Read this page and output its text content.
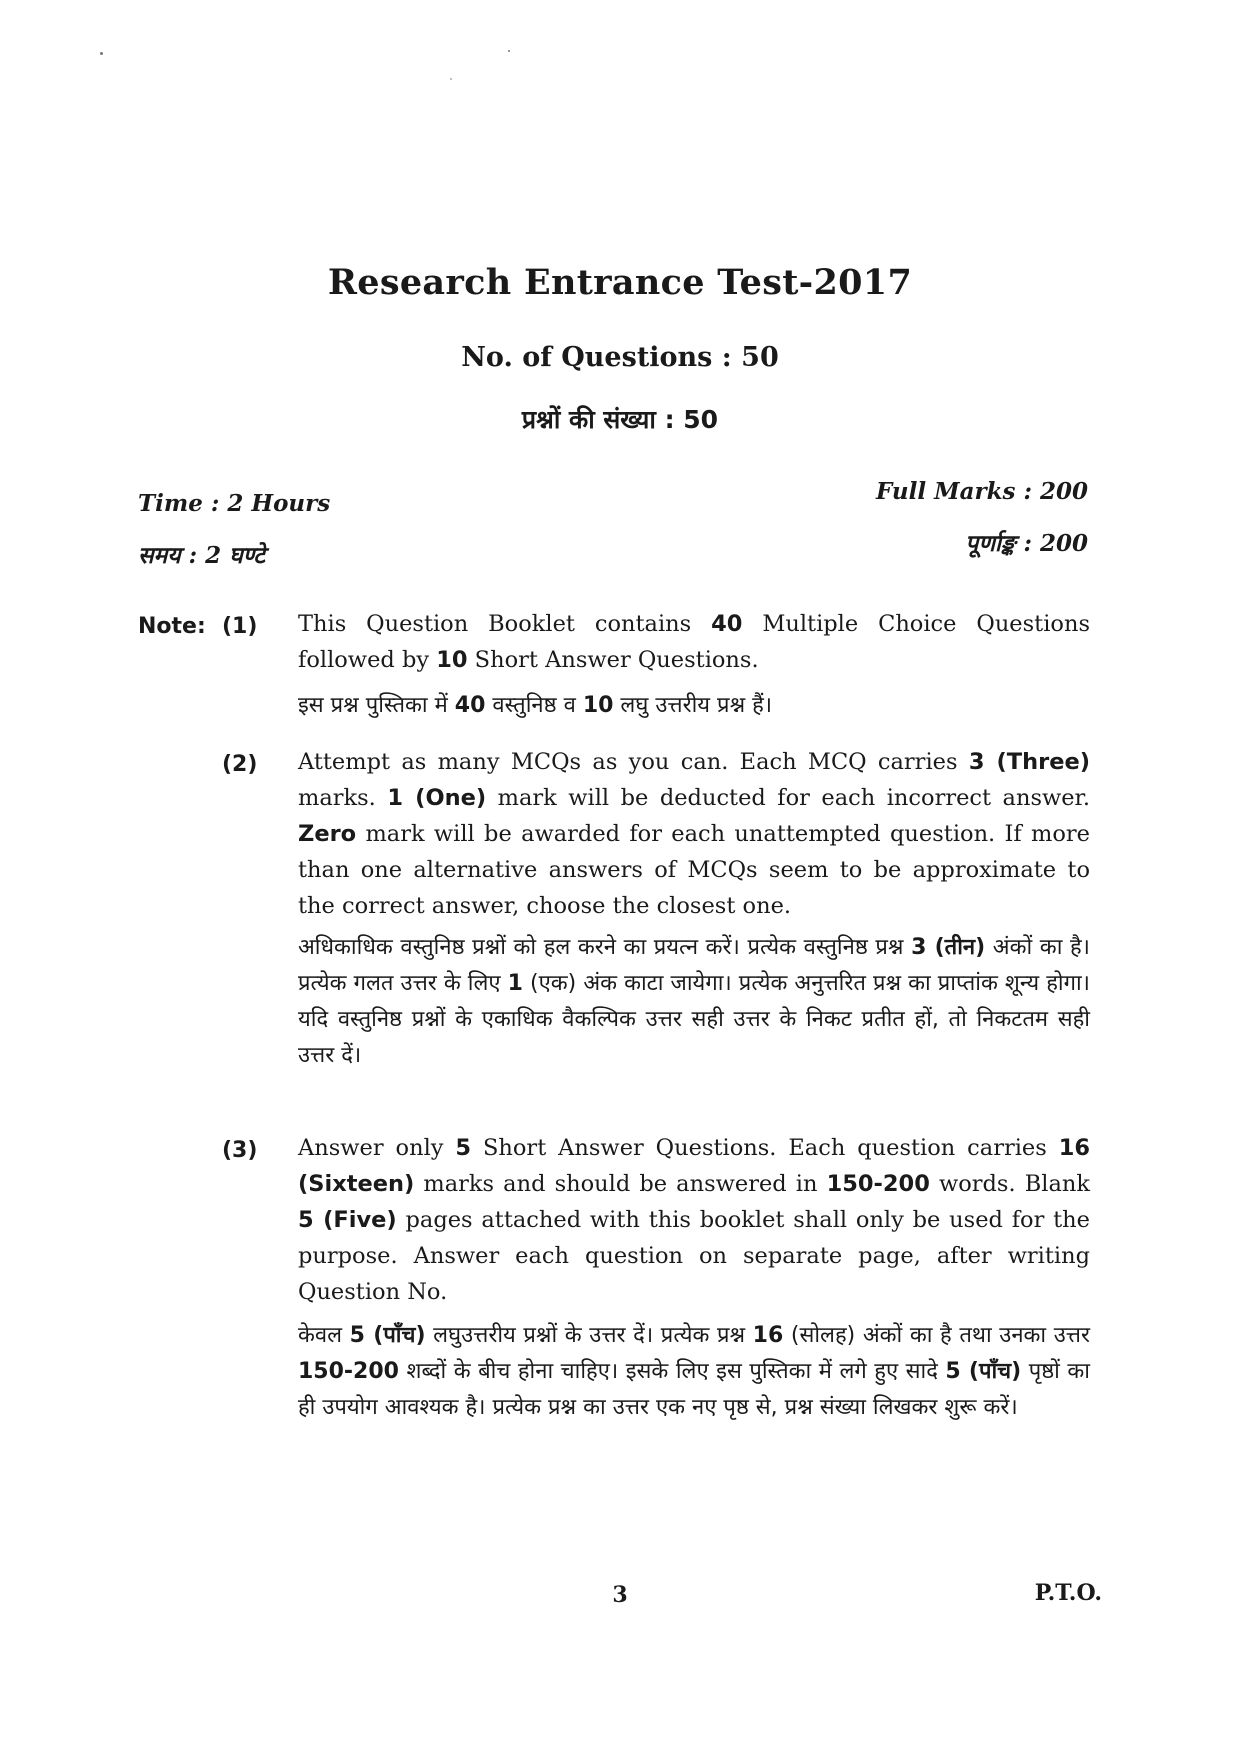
Research Entrance Test-2017
No. of Questions : 50
प्रश्नों की संख्या : 50
Time : 2 Hours
समय : 2 घण्टे
Full Marks : 200
पूर्णाङ्क : 200
Note: (1) This Question Booklet contains 40 Multiple Choice Questions followed by 10 Short Answer Questions.
इस प्रश्न पुस्तिका में 40 वस्तुनिष्ठ व 10 लघु उत्तरीय प्रश्न हैं।
(2) Attempt as many MCQs as you can. Each MCQ carries 3 (Three) marks. 1 (One) mark will be deducted for each incorrect answer. Zero mark will be awarded for each unattempted question. If more than one alternative answers of MCQs seem to be approximate to the correct answer, choose the closest one.
अधिकाधिक वस्तुनिष्ठ प्रश्नों को हल करने का प्रयत्न करें। प्रत्येक वस्तुनिष्ठ प्रश्न 3 (तीन) अंकों का है। प्रत्येक गलत उत्तर के लिए 1 (एक) अंक काटा जायेगा। प्रत्येक अनुत्तरित प्रश्न का प्राप्तांक शून्य होगा। यदि वस्तुनिष्ठ प्रश्नों के एकाधिक वैकल्पिक उत्तर सही उत्तर के निकट प्रतीत हों, तो निकटतम सही उत्तर दें।
(3) Answer only 5 Short Answer Questions. Each question carries 16 (Sixteen) marks and should be answered in 150-200 words. Blank 5 (Five) pages attached with this booklet shall only be used for the purpose. Answer each question on separate page, after writing Question No.
केवल 5 (पाँच) लघुउत्तरीय प्रश्नों के उत्तर दें। प्रत्येक प्रश्न 16 (सोलह) अंकों का है तथा उनका उत्तर 150-200 शब्दों के बीच होना चाहिए। इसके लिए इस पुस्तिका में लगे हुए सादे 5 (पाँच) पृष्ठों का ही उपयोग आवश्यक है। प्रत्येक प्रश्न का उत्तर एक नए पृष्ठ से, प्रश्न संख्या लिखकर शुरू करें।
3	P.T.O.
